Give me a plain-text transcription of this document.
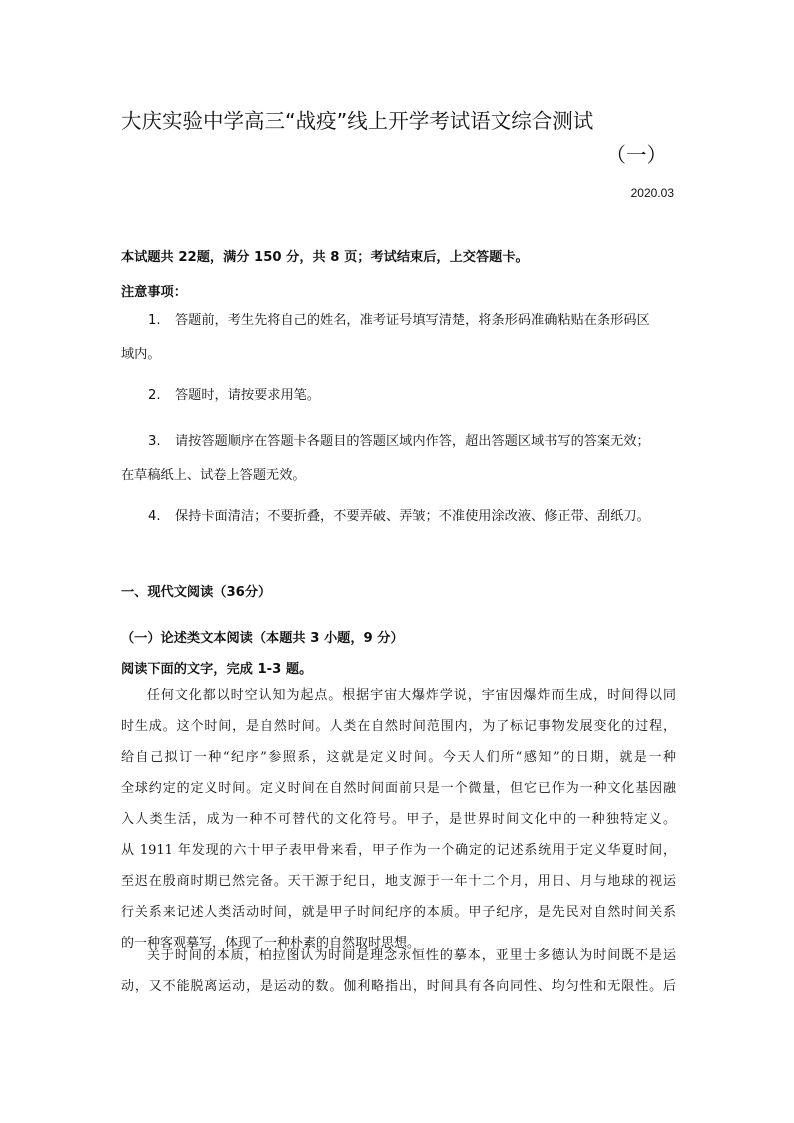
大庆实验中学高三“战疫”线上开学考试语文综合测试
（一）
2020.03
本试题共 22题，满分 150 分，共 8 页；考试结束后，上交答题卡。
注意事项：
1. 答题前，考生先将自己的姓名，准考证号填写清楚，将条形码准确粘贴在条形码区
域内。
2. 答题时，请按要求用笔。
3. 请按答题顺序在答题卡各题目的答题区域内作答，超出答题区域书写的答案无效；
在草稿纸上、试卷上答题无效。
4. 保持卡面清洁；不要折叠，不要弄破、弄皱；不准使用涂改液、修正带、刮纸刀。
一、现代文阅读（36分）
（一）论述类文本阅读（本题共 3 小题，9 分）
阅读下面的文字，完成 1-3 题。
任何文化都以时空认知为起点。根据宇宙大爆炸学说，宇宙因爆炸而生成，时间得以同
时生成。这个时间，是自然时间。人类在自然时间范围内，为了标记事物发展变化的过程，
给自己拟订一种“纪序”参照系，这就是定义时间。今天人们所“感知”的日期，就是一种
全球约定的定义时间。定义时间在自然时间面前只是一个微量，但它已作为一种文化基因融
入人类生活，成为一种不可替代的文化符号。甲子，是世界时间文化中的一种独特定义。
从 1911 年发现的六十甲子表甲骨来看，甲子作为一个确定的记述系统用于定义华夏时间，
至迟在殷商时期已然完备。天干源于纪日，地支源于一年十二个月，用日、月与地球的视运
行关系来记述人类活动时间，就是甲子时间纪序的本质。甲子纪序，是先民对自然时间关系
的一种客观摹写，体现了一种朴素的自然取时思想。
关于时间的本质，柏拉图认为时间是理念永恒性的摹本，亚里士多德认为时间既不是运
动，又不能脱离运动，是运动的数。伽利略指出，时间具有各向同性、均匀性和无限性。后
